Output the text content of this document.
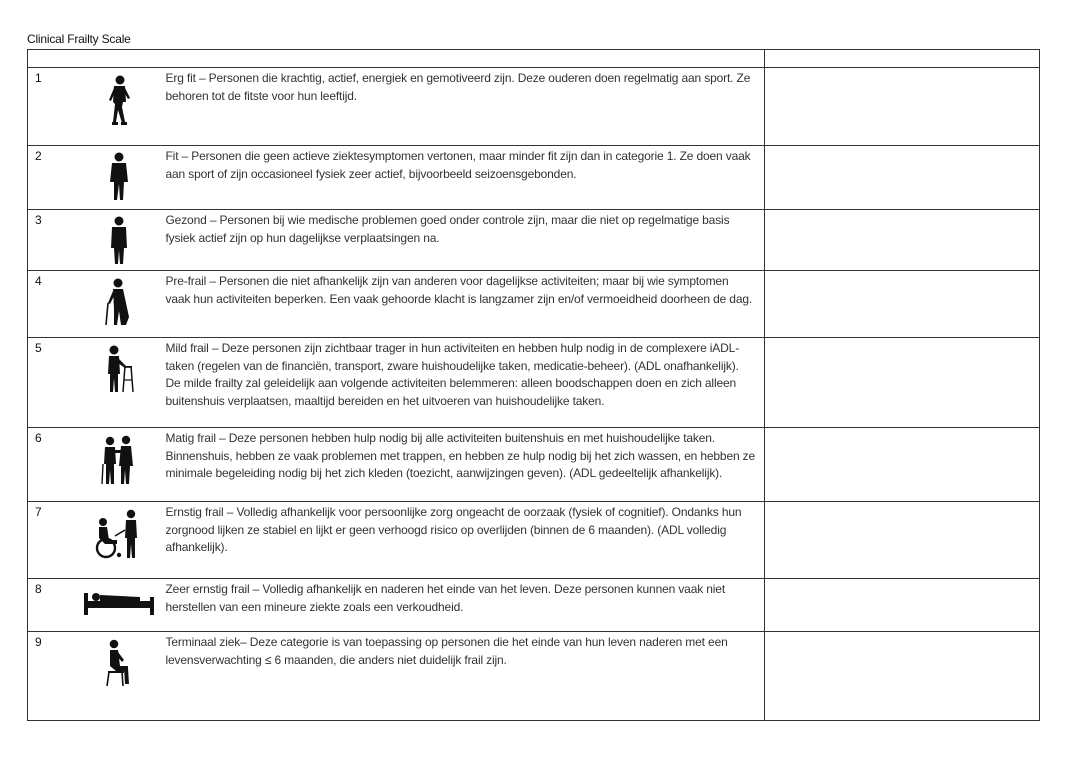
Clinical Frailty Scale

1		Erg fit – Personen die krachtig, actief, energiek en gemotiveerd zijn. Deze ouderen doen regelmatig aan sport. Ze behoren tot de fitste voor hun leeftijd.	
2		Fit – Personen die geen actieve ziektesymptomen vertonen, maar minder fit zijn dan in categorie 1. Ze doen vaak aan sport of zijn occasioneel fysiek zeer actief, bijvoorbeeld seizoensgebonden.	
3		Gezond – Personen bij wie medische problemen goed onder controle zijn, maar die niet op regelmatige basis fysiek actief zijn op hun dagelijkse verplaatsingen na.	
4		Pre-frail – Personen die niet afhankelijk zijn van anderen voor dagelijkse activiteiten; maar bij wie symptomen vaak hun activiteiten beperken. Een vaak gehoorde klacht is langzamer zijn en/of vermoeidheid doorheen de dag.	
5		Mild frail – Deze personen zijn zichtbaar trager in hun activiteiten en hebben hulp nodig in de complexere iADL-taken (regelen van de financiën, transport, zware huishoudelijke taken, medicatie-beheer). (ADL onafhankelijk).
De milde frailty zal geleidelijk aan volgende activiteiten belemmeren: alleen boodschappen doen en zich alleen buitenshuis verplaatsen, maaltijd bereiden en het uitvoeren van huishoudelijke taken.	
6		Matig frail – Deze personen hebben hulp nodig bij alle activiteiten buitenshuis en met huishoudelijke taken. Binnenshuis, hebben ze vaak problemen met trappen, en hebben ze hulp nodig bij het zich wassen, en hebben ze minimale begeleiding nodig bij het zich kleden (toezicht, aanwijzingen geven). (ADL gedeeltelijk afhankelijk).	
7		Ernstig frail – Volledig afhankelijk voor persoonlijke zorg ongeacht de oorzaak (fysiek of cognitief). Ondanks hun zorgnood lijken ze stabiel en lijkt er geen verhoogd risico op overlijden (binnen de 6 maanden). (ADL volledig afhankelijk).	
8		Zeer ernstig frail – Volledig afhankelijk en naderen het einde van het leven. Deze personen kunnen vaak niet herstellen van een mineure ziekte zoals een verkoudheid.	
9		Terminaal ziek– Deze categorie is van toepassing op personen die het einde van hun leven naderen met een levensverwachting ≤ 6 maanden, die anders niet duidelijk frail zijn.	
